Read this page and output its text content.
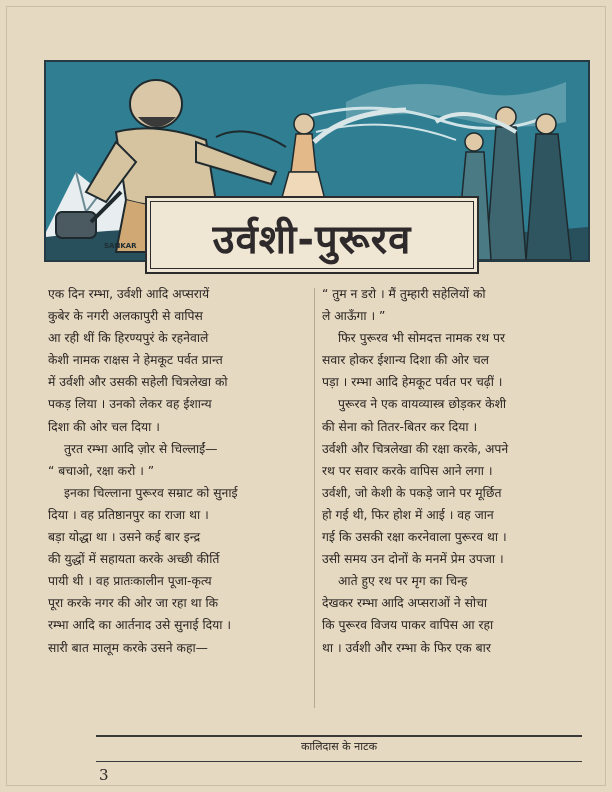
SANKAR	उर्वशी-पुरूरव
एक दिन रम्भा, उर्वशी आदि अप्सरायें
कुबेर के नगरी अलकापुरी से वापिस
आ रही थीं कि हिरण्यपुरं के रहनेवाले
केशी नामक राक्षस ने हेमकूट पर्वत प्रान्त
में उर्वशी और उसकी सहेली चित्रलेखा को
पकड़ लिया । उनको लेकर वह ईशान्य
दिशा की ओर चल दिया ।
तुरत रम्भा आदि ज़ोर से चिल्लाईं—
“ बचाओ, रक्षा करो । ”
इनका चिल्लाना पुरूरव सम्राट को सुनाई
दिया । वह प्रतिष्ठानपुर का राजा था ।
बड़ा योद्धा था । उसने कई बार इन्द्र
की युद्धों में सहायता करके अच्छी कीर्ति
पायी थी । वह प्रातःकालीन पूजा-कृत्य
पूरा करके नगर की ओर जा रहा था कि
रम्भा आदि का आर्तनाद उसे सुनाई दिया ।
सारी बात मालूम करके उसने कहा—
“ तुम न डरो । मैं तुम्हारी सहेलियों को
ले आऊँगा । ”
फिर पुरूरव भी सोमदत्त नामक रथ पर
सवार होकर ईशान्य दिशा की ओर चल
पड़ा । रम्भा आदि हेमकूट पर्वत पर चढ़ीं ।
पुरूरव ने एक वायव्यास्त्र छोड़कर केशी
की सेना को तितर-बितर कर दिया ।
उर्वशी और चित्रलेखा की रक्षा करके, अपने
रथ पर सवार करके वापिस आने लगा ।
उर्वशी, जो केशी के पकड़े जाने पर मूर्छित
हो गई थी, फिर होश में आई । वह जान
गई कि उसकी रक्षा करनेवाला पुरूरव था ।
उसी समय उन दोनों के मनमें प्रेम उपजा ।
आते हुए रथ पर मृग का चिन्ह
देखकर रम्भा आदि अप्सराओं ने सोचा
कि पुरूरव विजय पाकर वापिस आ रहा
था । उर्वशी और रम्भा के फिर एक बार
कालिदास के नाटक
3
